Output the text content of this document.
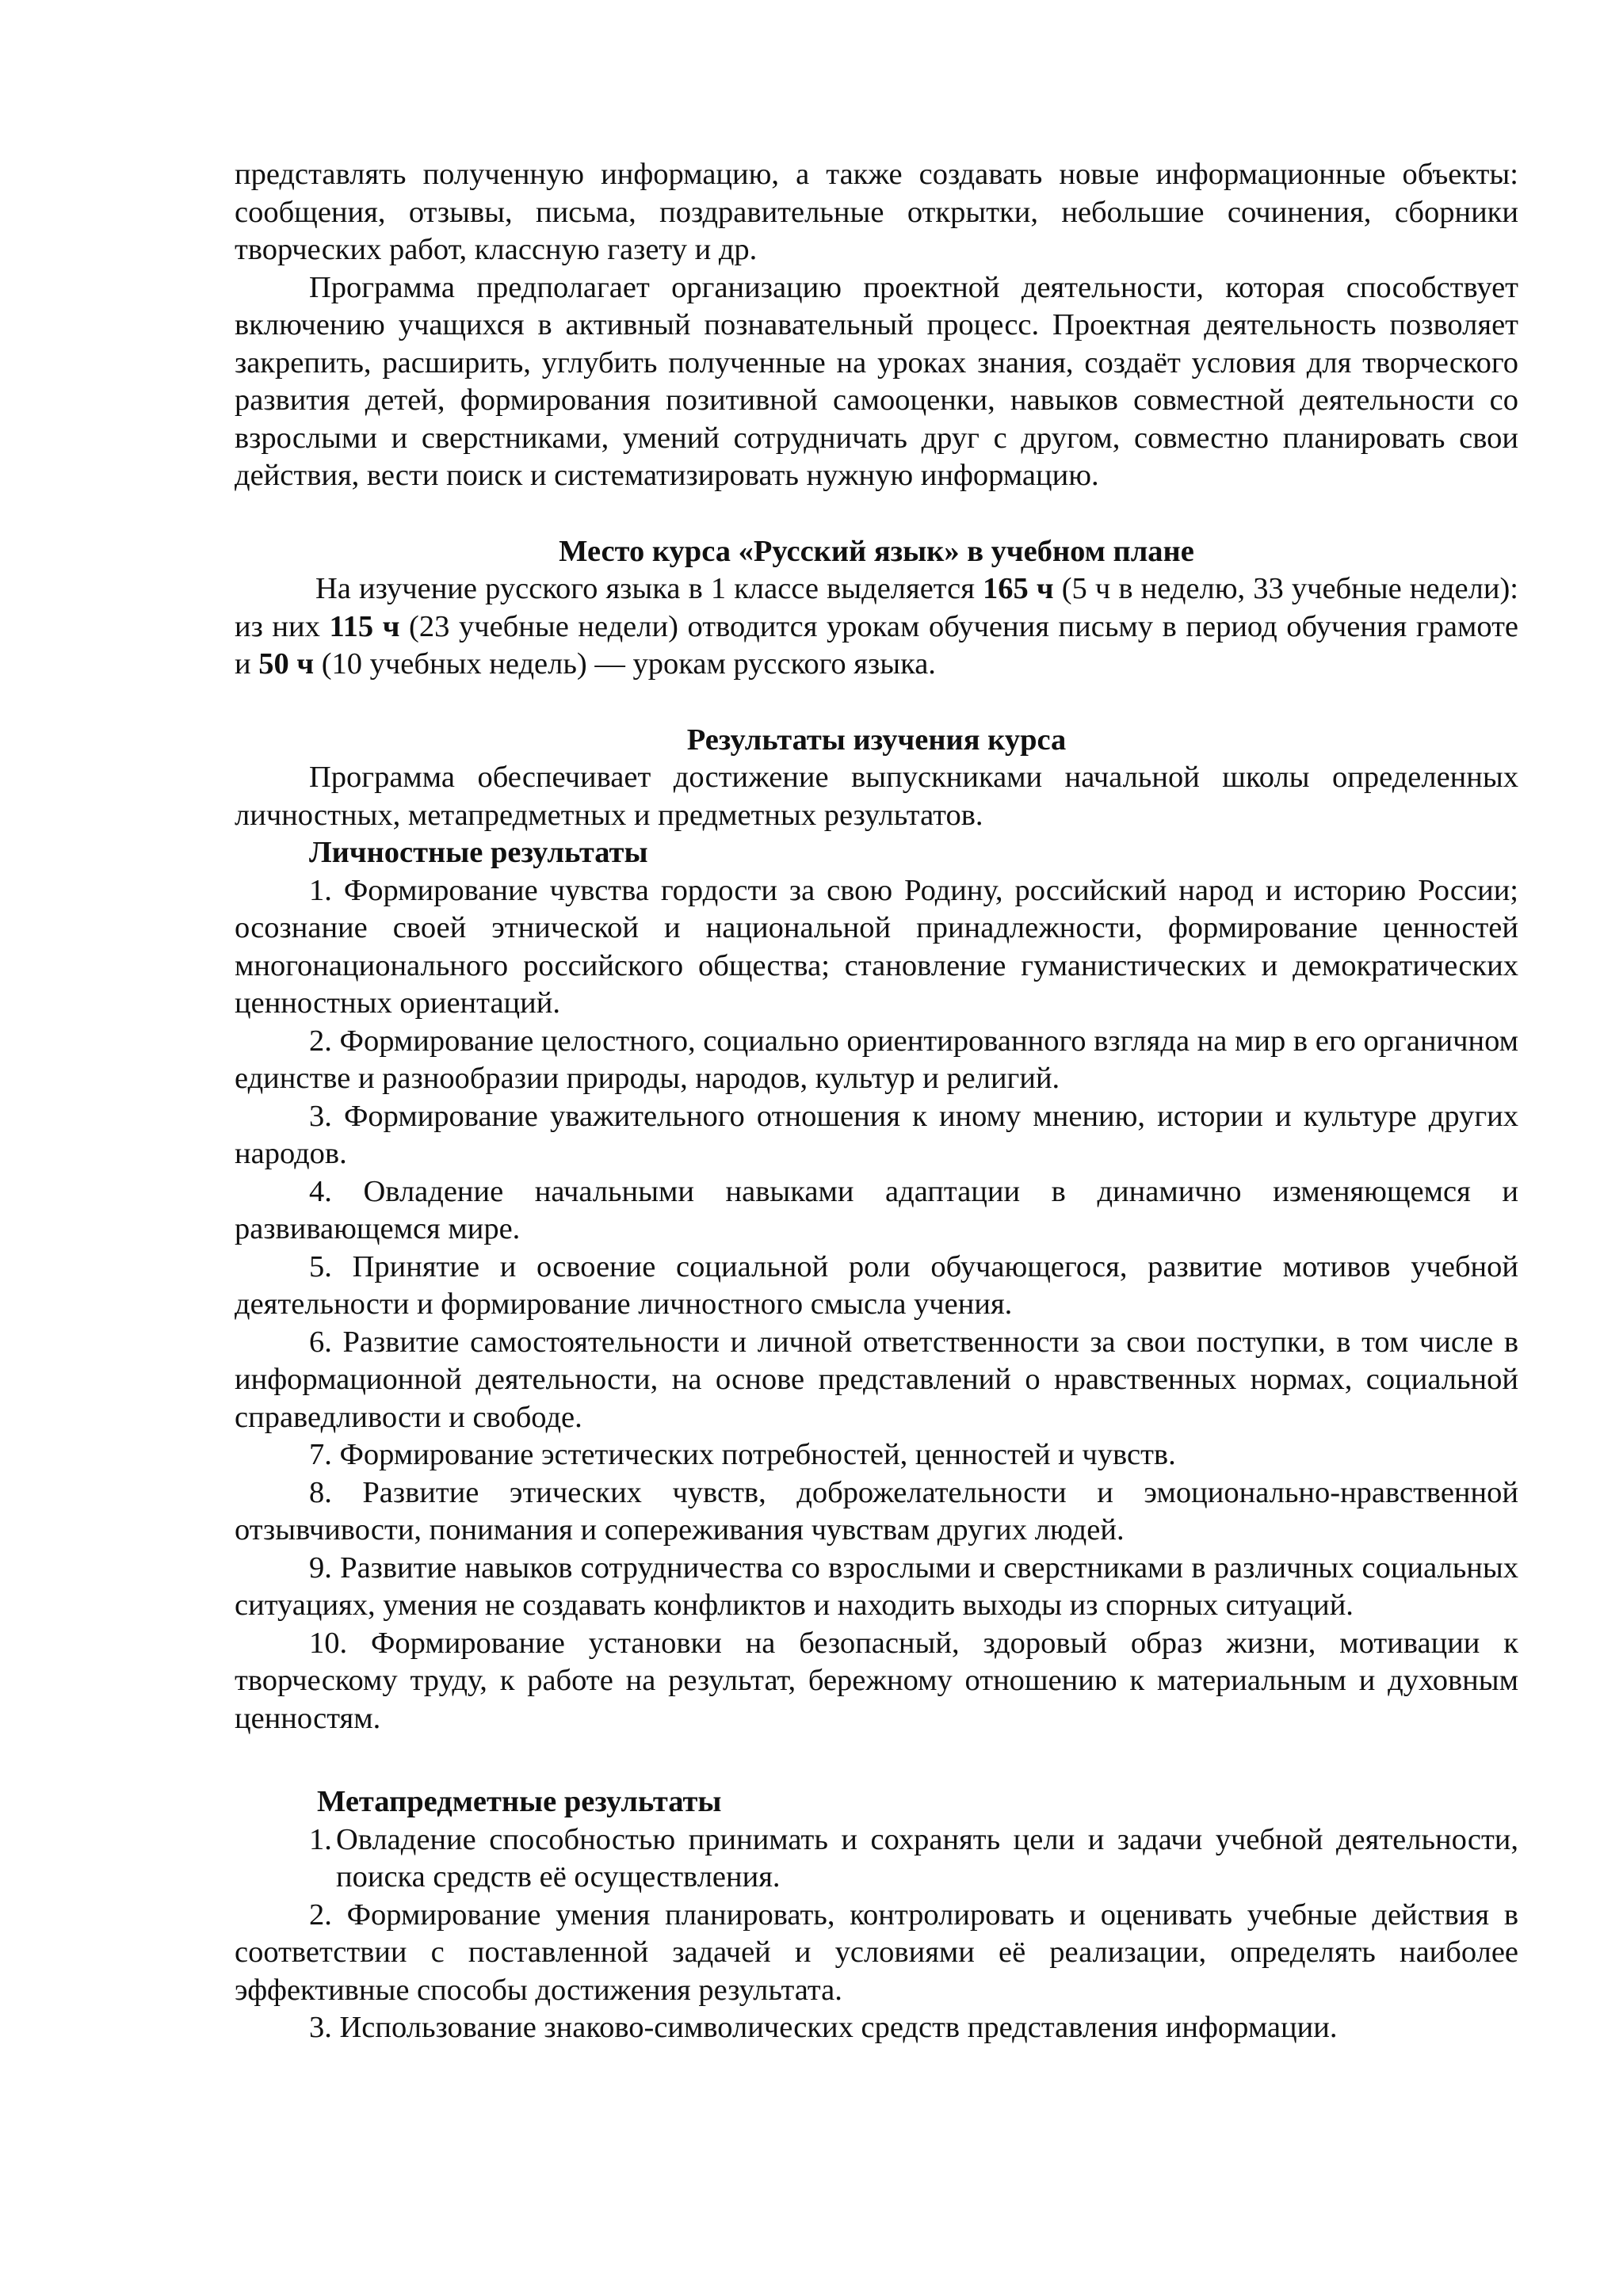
представлять полученную информацию, а также создавать новые информационные объекты: сообщения, отзывы, письма, поздравительные открытки, небольшие сочинения, сборники творческих работ, классную газету и др.

Программа предполагает организацию проектной деятельности, которая способствует включению учащихся в активный познавательный процесс. Проектная деятельность позволяет закрепить, расширить, углубить полученные на уроках знания, создаёт условия для творческого развития детей, формирования позитивной самооценки, навыков совместной деятельности со взрослыми и сверстниками, умений сотрудничать друг с другом, совместно планировать свои действия, вести поиск и систематизировать нужную информацию.

Место курса «Русский язык» в учебном плане

На изучение русского языка в 1 классе выделяется 165 ч (5 ч в неделю, 33 учебные недели): из них 115 ч (23 учебные недели) отводится урокам обучения письму в период обучения грамоте и 50 ч (10 учебных недель) — урокам русского языка.

Результаты изучения курса

Программа обеспечивает достижение выпускниками начальной школы определенных личностных, метапредметных и предметных результатов.

Личностные результаты

1. Формирование чувства гордости за свою Родину, российский народ и историю России; осознание своей этнической и национальной принадлежности, формирование ценностей многонационального российского общества; становление гуманистических и демократических ценностных ориентаций.

2. Формирование целостного, социально ориентированного взгляда на мир в его органичном единстве и разнообразии природы, народов, культур и религий.

3. Формирование уважительного отношения к иному мнению, истории и культуре других народов.

4. Овладение начальными навыками адаптации в динамично изменяющемся и развивающемся мире.

5. Принятие и освоение социальной роли обучающегося, развитие мотивов учебной деятельности и формирование личностного смысла учения.

6. Развитие самостоятельности и личной ответственности за свои поступки, в том числе в информационной деятельности, на основе представлений о нравственных нормах, социальной справедливости и свободе.

7. Формирование эстетических потребностей, ценностей и чувств.

8. Развитие этических чувств, доброжелательности и эмоционально-нравственной отзывчивости, понимания и сопереживания чувствам других людей.

9. Развитие навыков сотрудничества со взрослыми и сверстниками в различных социальных ситуациях, умения не создавать конфликтов и находить выходы из спорных ситуаций.

10. Формирование установки на безопасный, здоровый образ жизни, мотивации к творческому труду, к работе на результат, бережному отношению к материальным и духовным ценностям.

Метапредметные результаты

1. Овладение способностью принимать и сохранять цели и задачи учебной деятельности, поиска средств её осуществления.

2. Формирование умения планировать, контролировать и оценивать учебные действия в соответствии с поставленной задачей и условиями её реализации, определять наиболее эффективные способы достижения результата.

3. Использование знаково-символических средств представления информации.
